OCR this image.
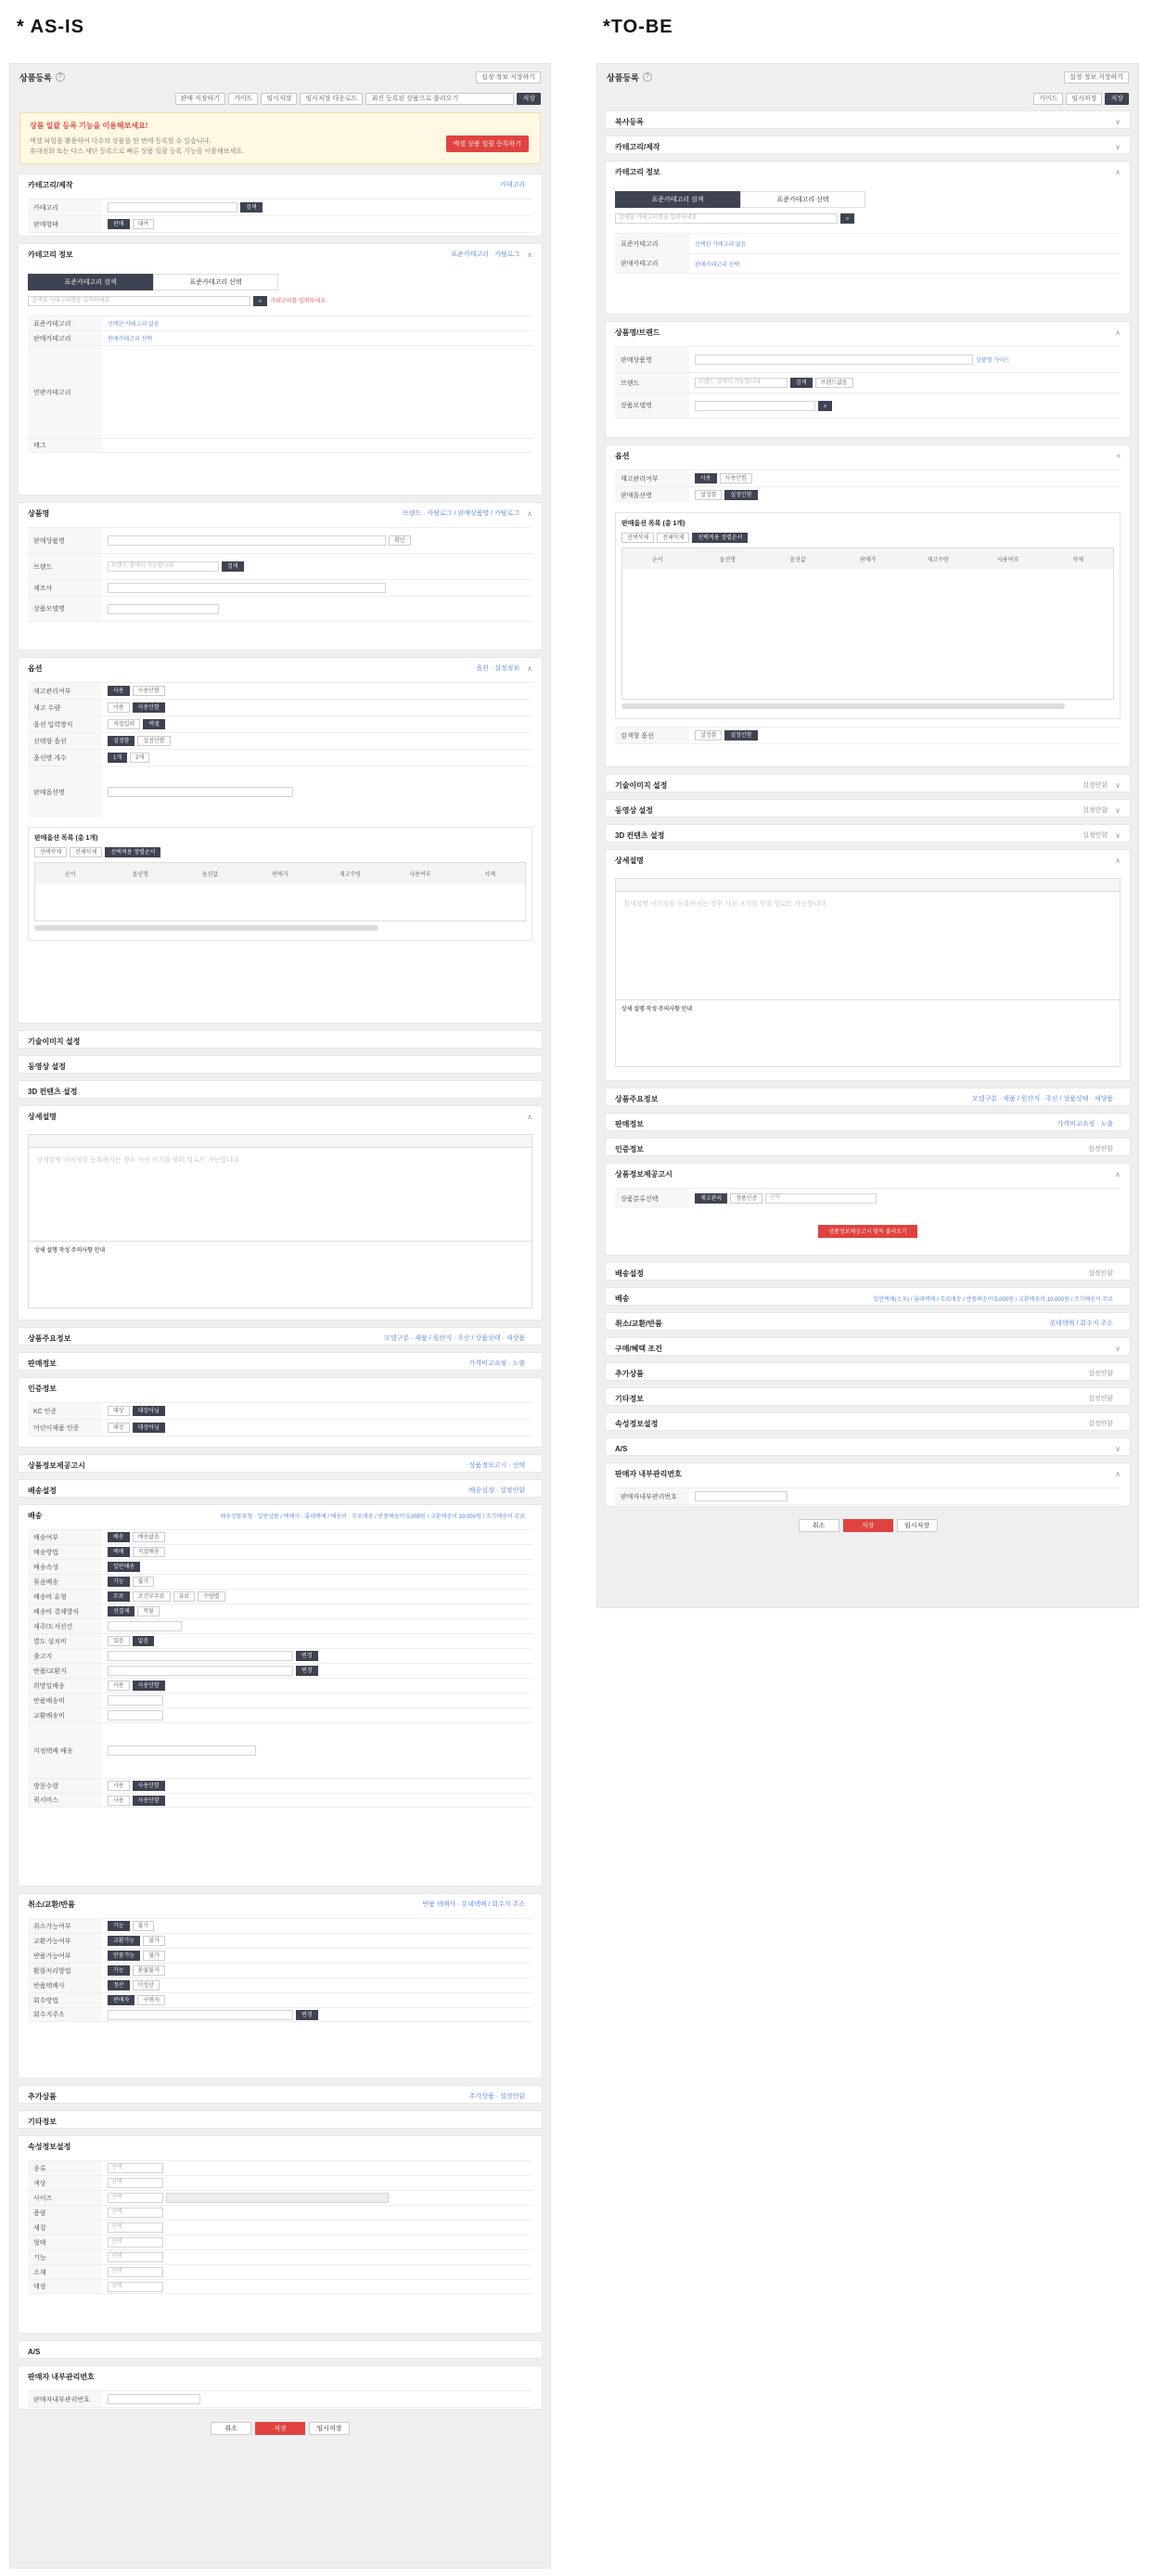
* AS-IS	*TO-BE
상품등록	?	설정 정보 저장하기
판매 저장하기	가이드	임시저장	임시저장 다운로드	최신 등록된 상품으로 불러오기	저장
상품 일괄 등록 기능을 이용해보세요!

엑셀 파일을 활용하여 다수의 상품을 한 번에 등록할 수 있습니다.

휴대전화 또는 다스 재단 등록으로 빠른 상품 일괄 등록 기능을 이용해보세요.

엑셀 상품 일괄 등록하기
카테고리/제작	카테고리
카테고리	검색
판매형태	판매	대여
카테고리 정보	표준카테고리 · 카탈로그 ∧
표준카테고리 검색	표준카테고리 선택
검색할 카테고리명을 입력하세요	⌕	카테고리를 입력하세요
표준카테고리	선택된 카테고리 없음
판매카테고리	판매카테고리 선택
연관카테고리
태그
상품명	브랜드 · 카탈로그 / 판매상품명 / 카탈로그 ∧
판매상품명	확인
브랜드	브랜드 검색이 가능합니다	검색
제조사
상품모델명
옵션	옵션 · 설정정보 ∧
재고관리여부	사용	사용안함
재고 수량	사용	사용안함
옵션 입력방식	직접입력	엑셀
선택형 옵션	설정함	설정안함
옵션명 개수	1개	2개
판매옵션명
판매옵션 목록 (총 1개)
선택삭제	전체삭제	선택적용 정렬순서
순서	옵션명	옵션값	판매가	재고수량	사용여부	삭제
기술이미지 설정
동영상 설정
3D 컨텐츠 설정
상세설명	∧
상세설명 이미지를 등록하시는 경우 사진 크기를 맞춰 업로드 가능합니다.
상세 설명 작성 주의사항 안내
상품주요정보	모델구분 · 제품 / 원산지 · 주산 / 상품상태 · 새상품
판매정보	가격비교쇼핑 · 노출
인증정보
KC 인증	대상	대상아님
어린이제품 인증	대상	대상아님
상품정보제공고시	상품정보고시 · 선택
배송설정	배송설정 · 설정안함
배송	배송상품유형 · 일반상품 / 택배사 · 롯데택배 / 배송비 · 무료배송 / 반품배송비 5,000원 / 교환배송비 10,000원 / 조기배송비 무료
배송여부	배송	배송없음
배송방법	택배	직접배송
배송속성	일반배송
묶음배송	가능	불가
배송비 유형	무료	조건부무료	유료	수량별
배송비 결제방식	선결제	착불
제주/도서산간
별도 설치비	있음	없음
출고지	변경
반품/교환지	변경
희망일배송	사용	사용안함
반품배송비
교환배송비
지정택배 배송
방문수령	사용	사용안함
퀵서비스	사용	사용안함
취소/교환/반품	반품 택배사 · 롯데택배 / 회수지 주소
취소가능여부	가능	불가
교환가능여부	교환가능	불가
반품가능여부	반품가능	불가
환불처리방법	가능	환불불가
반품택배사	정산	미정산
회수방법	판매자	구매자
회수지주소	변경
추가상품	추가상품 · 설정안함
기타정보
속성정보설정
종류	선택
색상	선택
사이즈	선택
용량	선택
재질	선택
형태	선택
기능	선택
소재	선택
대상	선택
A/S
판매자 내부관리번호
판매자내부관리번호
취소	저장	임시저장
상품등록	?	설정 정보 저장하기
가이드	임시저장	저장
복사등록	∨
카테고리/제작	∨
카테고리 정보	∧
표준카테고리 검색	표준카테고리 선택
검색할 카테고리명을 입력하세요	⌕
표준카테고리	선택된 카테고리 없음
판매카테고리	판매카테고리 선택
상품명/브랜드	∧
판매상품명	상품명 가이드
브랜드	브랜드 검색이 가능합니다	검색	브랜드없음
상품모델명	⌕
옵션	×
재고관리여부	사용	사용안함
판매옵션명	설정함	설정안함
판매옵션 목록 (총 1개)
선택삭제	전체삭제	선택적용 정렬순서
순서	옵션명	옵션값	판매가	재고수량	사용여부	삭제
검색형 옵션	설정함	설정안함
기술이미지 설정	설정안함 ∨
동영상 설정	설정안함 ∨
3D 컨텐츠 설정	설정안함 ∨
상세설명	∧
상세설명 이미지를 등록하시는 경우 사진 크기를 맞춰 업로드 가능합니다.
상세 설명 작성 주의사항 안내
상품주요정보	모델구분 · 제품 / 원산지 · 주산 / 상품상태 · 새상품
판매정보	가격비교쇼핑 · 노출
인증정보	설정안함
상품정보제공고시	∧
상품분류선택	재고관리	정품인증	선택
상품정보제공고시 항목 불러오기
배송설정	설정안함
배송	일반택배(소포) / 롯데택배 / 무료배송 / 반품배송비 5,000원 / 교환배송비 10,000원 / 조기배송비 무료
취소/교환/반품	롯데택배 / 회수지 주소
구매/혜택 조건	∨
추가상품	설정안함
기타정보	설정안함
속성정보설정	설정안함
A/S	∨
판매자 내부관리번호	∧
판매자내부관리번호
취소	저장	임시저장
